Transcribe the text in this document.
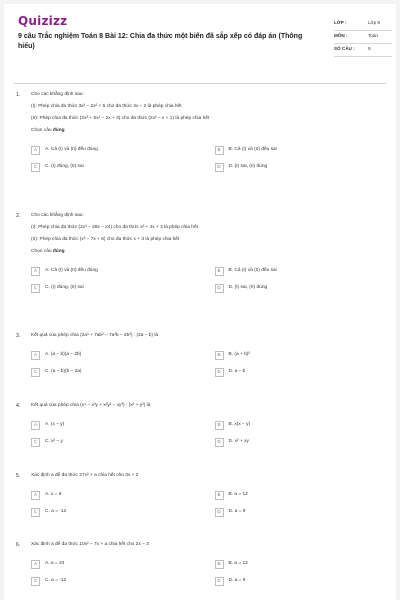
Quizizz
9 câu Trắc nghiệm Toán 8 Bài 12: Chia đa thức một biến đã sắp xếp có đáp án (Thông hiểu)
LỚP :	Lớp 8
MÔN :	Toán
SỐ CÂU :	9
1. Cho các khẳng định sau:
(I): Phép chia đa thức 3x³ – 2x² + 5 cho đa thức 3x – 2 là phép chia hết
(II): Phép chia đa thức (2x³ + 5x² – 2x + 3) cho đa thức (2x² – x + 1) là phép chia hết
Chọn câu đúng
A	A. Cả (I) và (II) đều đúng	B	B. Cả (I) và (II) đều sai
C	C. (I) đúng, (II) sai	D	D. (I) sai, (II) đúng
2. Cho các khẳng định sau:
(I): Phép chia đa thức (2x³ – 26x – 24) cho đa thức x² + 4x + 3 là phép chia hết
(II): Phép chia đa thức (x³ – 7x + 6) cho đa thức x + 3 là phép chia hết
Chọn câu đúng
A	A. Cả (I) và (II) đều đúng	B	B. Cả (I) và (II) đều sai
C	C. (I) đúng, (II) sai	D	D. (I) sai, (II) đúng
3. Kết quả của phép chia (2a³ + 7ab² – 7a²b – 2b³) : (2a – b) là
A	A. (a – b)(a – 2b)	B	B. (a + b)²
C	C. (a – b)(b – 2a)	D	D. a – b
4. Kết quả của phép chia (x⁴ – x³y + x²y² – xy³) : (x² + y²) là
A	A. (x – y)	B	B. x(x – y)
C	C. x² – y	D	D. x² + xy
5. Xác định a để đa thức 27x² + a chia hết cho 3x + 2
A	A. x = 6	B	B. a = 12
C	C. a = -12	D	D. a = 9
6. Xác định a để đa thức 10x² – 7x + a chia hết cho 2x – 3
A	A. a = 24	B	B. a = 12
C	C. a = -12	D	D. a = 9
